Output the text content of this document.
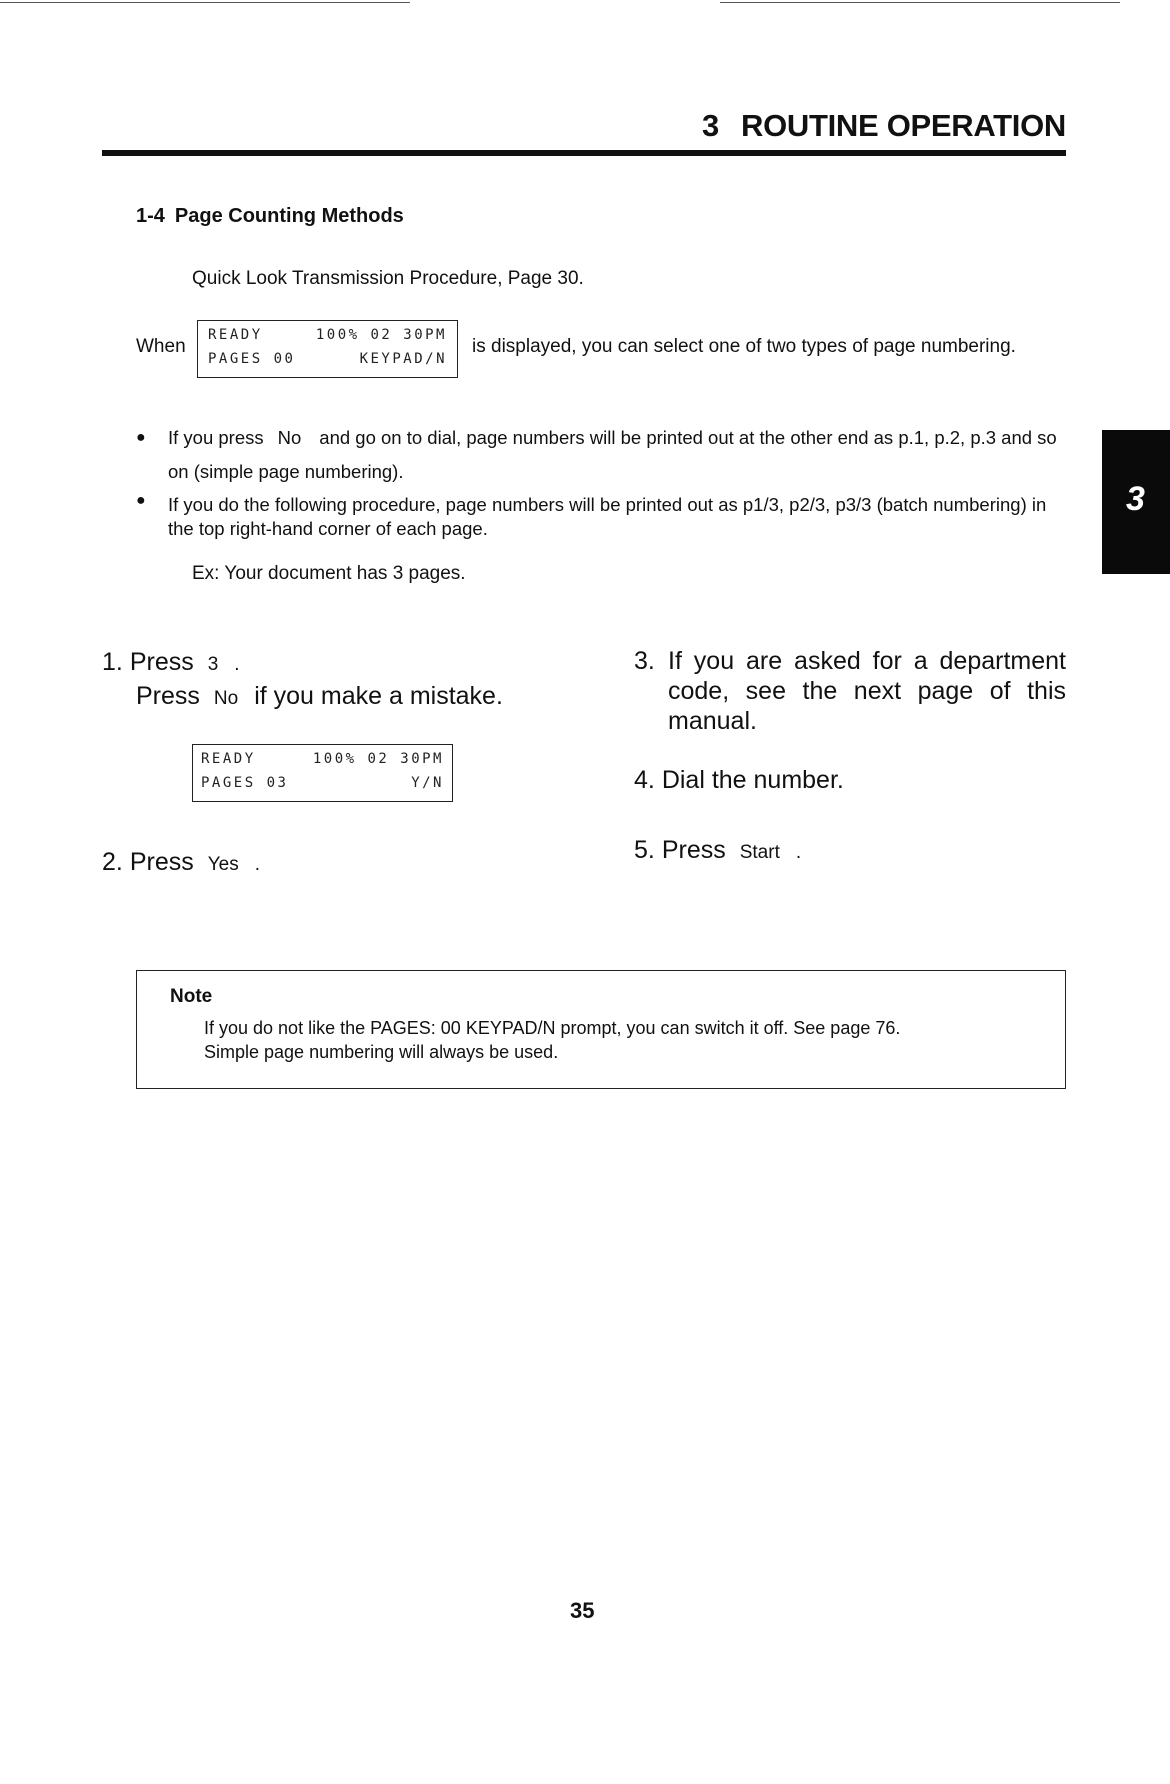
3 ROUTINE OPERATION
1-4 Page Counting Methods
Quick Look Transmission Procedure, Page 30.
When
READY	100% 02 30PM
PAGES 00	KEYPAD/N
is displayed, you can select one of two types of page numbering.
● If you press No and go on to dial, page numbers will be printed out at the other end as p.1, p.2, p.3 and so on (simple page numbering).
● If you do the following procedure, page numbers will be printed out as p1/3, p2/3, p3/3 (batch numbering) in the top right-hand corner of each page.
Ex: Your document has 3 pages.
1. Press 3 .
Press No if you make a mistake.
READY	100% 02 30PM
PAGES 03	Y/N
2. Press Yes .
3. If you are asked for a department code, see the next page of this manual.
4. Dial the number.
5. Press Start .
3
Note
If you do not like the PAGES: 00 KEYPAD/N prompt, you can switch it off. See page 76.
Simple page numbering will always be used.
35
